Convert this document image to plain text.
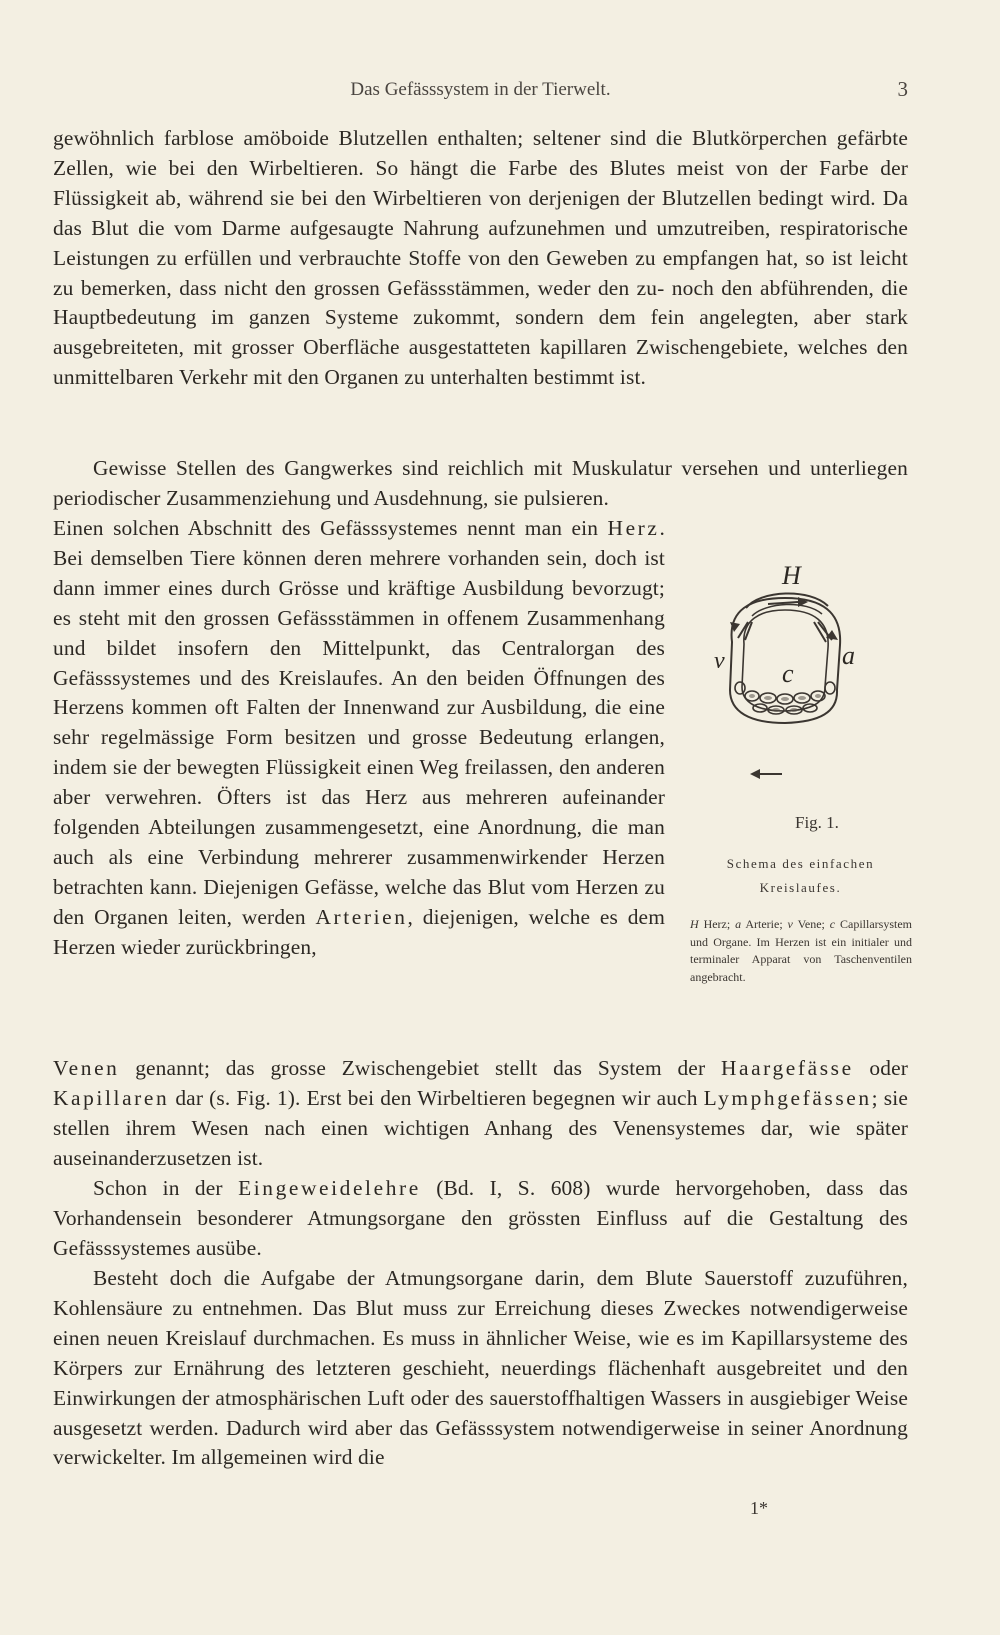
Das Gefässsystem in der Tierwelt.	3
gewöhnlich farblose amöboide Blutzellen enthalten; seltener sind die Blutkörperchen gefärbte Zellen, wie bei den Wirbeltieren. So hängt die Farbe des Blutes meist von der Farbe der Flüssigkeit ab, während sie bei den Wirbeltieren von derjenigen der Blutzellen bedingt wird. Da das Blut die vom Darme aufgesaugte Nahrung aufzunehmen und umzutreiben, respiratorische Leistungen zu erfüllen und verbrauchte Stoffe von den Geweben zu empfangen hat, so ist leicht zu bemerken, dass nicht den grossen Gefässstämmen, weder den zu- noch den abführenden, die Hauptbedeutung im ganzen Systeme zukommt, sondern dem fein angelegten, aber stark ausgebreiteten, mit grosser Oberfläche ausgestatteten kapillaren Zwischengebiete, welches den unmittelbaren Verkehr mit den Organen zu unterhalten bestimmt ist.
Gewisse Stellen des Gangwerkes sind reichlich mit Muskulatur versehen und unterliegen periodischer Zusammenziehung und Ausdehnung, sie pulsieren.
Einen solchen Abschnitt des Gefässsystemes nennt man ein Herz. Bei demselben Tiere können deren mehrere vorhanden sein, doch ist dann immer eines durch Grösse und kräftige Ausbildung bevorzugt; es steht mit den grossen Gefässstämmen in offenem Zusammenhang und bildet insofern den Mittelpunkt, das Centralorgan des Gefässsystemes und des Kreislaufes. An den beiden Öffnungen des Herzens kommen oft Falten der Innenwand zur Ausbildung, die eine sehr regelmässige Form besitzen und grosse Bedeutung erlangen, indem sie der bewegten Flüssigkeit einen Weg freilassen, den anderen aber verwehren. Öfters ist das Herz aus mehreren aufeinander folgenden Abteilungen zusammengesetzt, eine Anordnung, die man auch als eine Verbindung mehrerer zusammenwirkender Herzen betrachten kann. Diejenigen Gefässe, welche das Blut vom Herzen zu den Organen leiten, werden Arterien, diejenigen, welche es dem Herzen wieder zurückbringen,
Venen genannt; das grosse Zwischengebiet stellt das System der Haargefässe oder Kapillaren dar (s. Fig. 1). Erst bei den Wirbeltieren begegnen wir auch Lymphgefässen; sie stellen ihrem Wesen nach einen wichtigen Anhang des Venensystemes dar, wie später auseinanderzusetzen ist.
Schon in der Eingeweidelehre (Bd. I, S. 608) wurde hervorgehoben, dass das Vorhandensein besonderer Atmungsorgane den grössten Einfluss auf die Gestaltung des Gefässsystemes ausübe.
Besteht doch die Aufgabe der Atmungsorgane darin, dem Blute Sauerstoff zuzuführen, Kohlensäure zu entnehmen. Das Blut muss zur Erreichung dieses Zweckes notwendigerweise einen neuen Kreislauf durchmachen. Es muss in ähnlicher Weise, wie es im Kapillarsysteme des Körpers zur Ernährung des letzteren geschieht, neuerdings flächenhaft ausgebreitet und den Einwirkungen der atmosphärischen Luft oder des sauerstoffhaltigen Wassers in ausgiebiger Weise ausgesetzt werden. Dadurch wird aber das Gefässsystem notwendigerweise in seiner Anordnung verwickelter. Im allgemeinen wird die
H
v	a
c
Fig. 1.
Schema des einfachen
Kreislaufes.
H Herz; a Arterie; v Vene; c Capillarsystem und Organe. Im Herzen ist ein initialer und terminaler Apparat von Taschenventilen angebracht.
1*
